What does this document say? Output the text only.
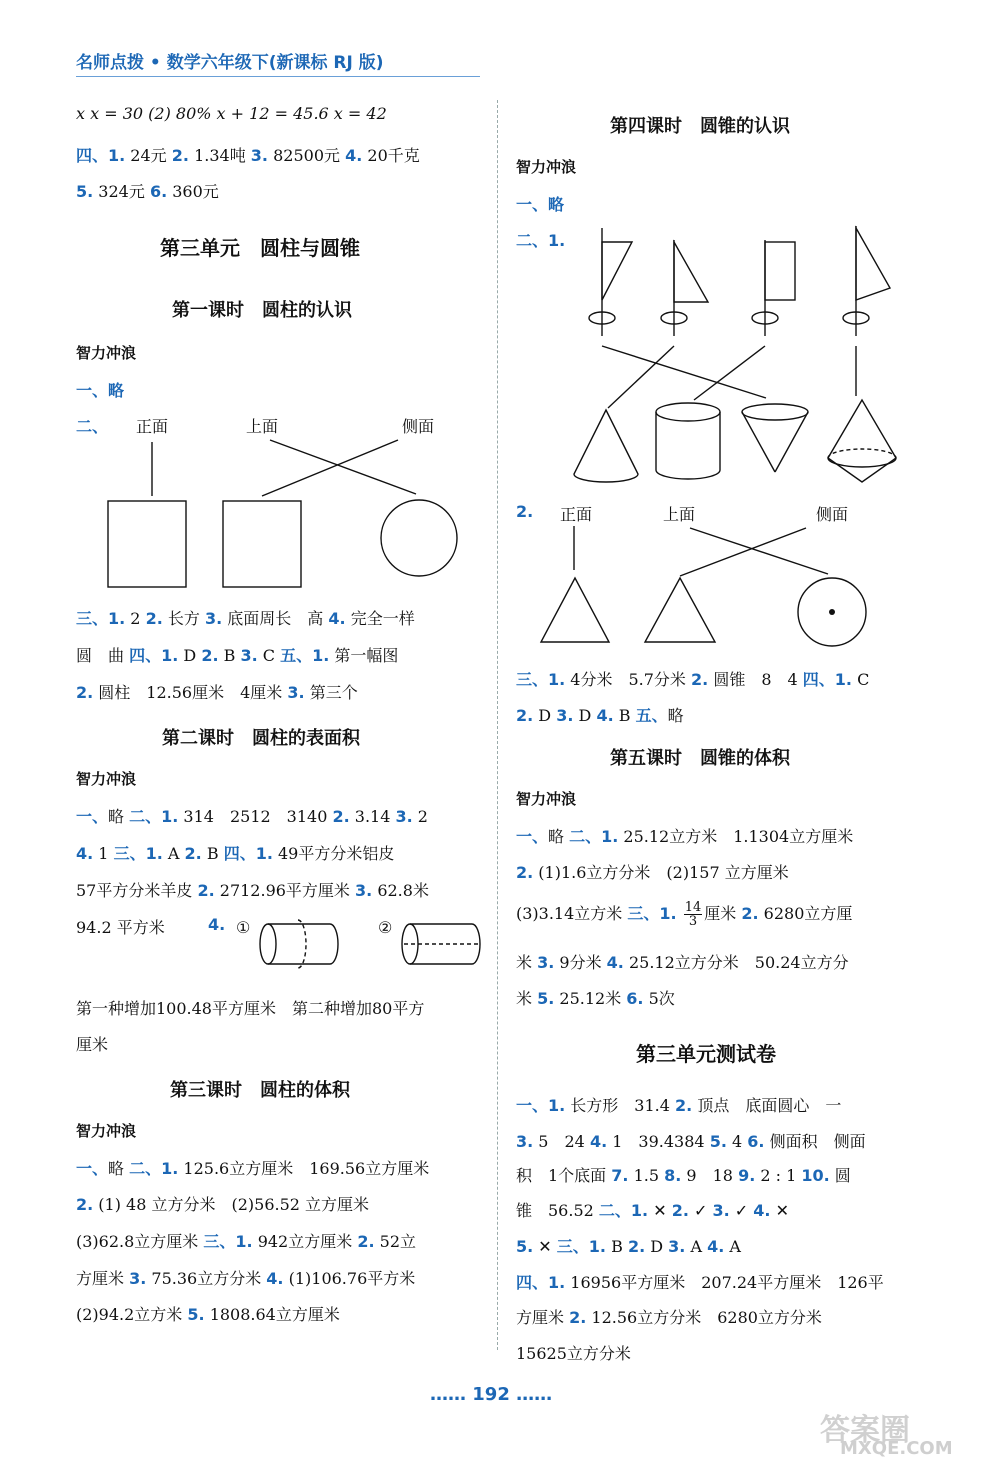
名师点拨 • 数学六年级下(新课标 RJ 版)
x x = 30 (2) 80% x + 12 = 45.6 x = 42
四、1. 24元 2. 1.34吨 3. 82500元 4. 20千克
5. 324元 6. 360元
第三单元　圆柱与圆锥
第一课时　圆柱的认识
智力冲浪
一、略
二、 正面	上面	侧面
三、1. 2 2. 长方 3. 底面周长　高 4. 完全一样
圆　曲 四、1. D 2. B 3. C 五、1. 第一幅图
2. 圆柱　12.56厘米　4厘米 3. 第三个
第二课时　圆柱的表面积
智力冲浪
一、略 二、1. 314　2512　3140 2. 3.14 3. 2
4. 1 三、1. A 2. B 四、1. 49平方分米铝皮
57平方分米羊皮 2. 2712.96平方厘米 3. 62.8米
94.2 平方米	4. ①	②
第一种增加100.48平方厘米　第二种增加80平方
厘米
第三课时　圆柱的体积
智力冲浪
一、略 二、1. 125.6立方厘米　169.56立方厘米
2. (1) 48 立方分米　(2)56.52 立方厘米
(3)62.8立方厘米 三、1. 942立方厘米 2. 52立
方厘米 3. 75.36立方分米 4. (1)106.76平方米
(2)94.2立方米 5. 1808.64立方厘米
第四课时　圆锥的认识
智力冲浪
一、略
二、1.
2. 正面	上面	侧面
三、1. 4分米　5.7分米 2. 圆锥　8　4 四、1. C
2. D 3. D 4. B 五、略
第五课时　圆锥的体积
智力冲浪
一、略 二、1. 25.12立方米　1.1304立方厘米
2. (1)1.6立方分米　(2)157 立方厘米
(3)3.14立方米 三、1. $\frac{14}{3}$ 厘米 2. 6280立方厘
米 3. 9分米 4. 25.12立方分米　50.24立方分
米 5. 25.12米 6. 5次
第三单元测试卷
一、1. 长方形　31.4 2. 顶点　底面圆心　一
3. 5　24 4. 1　39.4384 5. 4 6. 侧面积　侧面
积　1个底面 7. 1.5 8. 9　18 9. 2 : 1 10. 圆
锥　56.52 二、1. ✕ 2. ✓ 3. ✓ 4. ✕
5. ✕ 三、1. B 2. D 3. A 4. A
四、1. 16956平方厘米　207.24平方厘米　126平
方厘米 2. 12.56立方分米　6280立方分米
15625立方分米
…… 192 ……
答案圈
MXQE.COM
